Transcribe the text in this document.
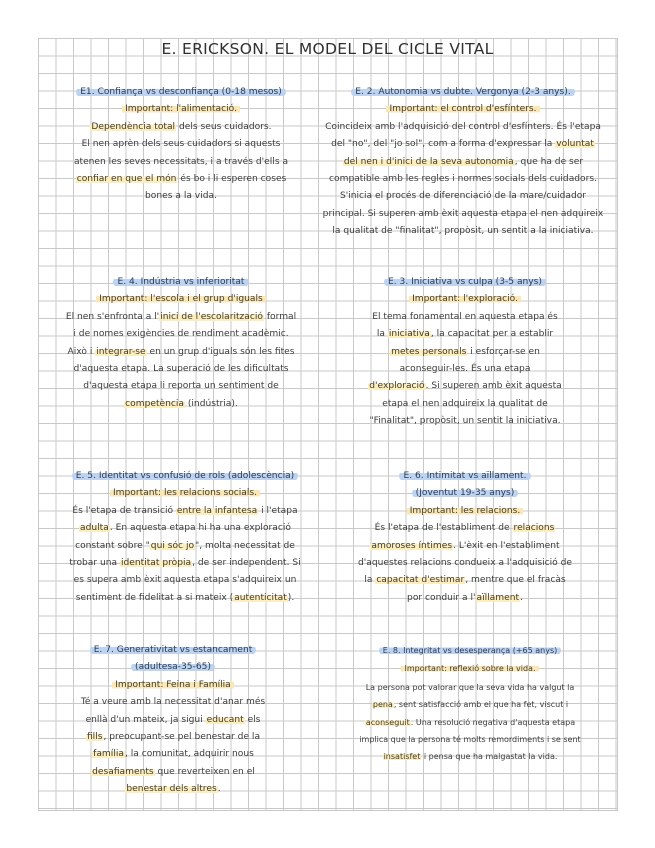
E. ERICKSON. EL MODEL DEL CICLE VITAL

E1. Confiança vs desconfiança (0-18 mesos)

Important: l'alimentació.

Dependència total dels seus cuidadors.

El nen aprèn dels seus cuidadors si aquests

atenen les seves necessitats, i a través d'ells a

confiar en que el món és bo i li esperen coses

bones a la vida.

E. 2. Autonomia vs dubte. Vergonya (2-3 anys).

Important: el control d'esfínters.

Coincideix amb l'adquisició del control d'esfínters. És l'etapa

del "no", del "jo sol", com a forma d'expressar la voluntat

del nen i d'inici de la seva autonomia, que ha de ser

compatible amb les regles i normes socials dels cuidadors.

S'inicia el procés de diferenciació de la mare/cuidador

principal. Si superen amb èxit aquesta etapa el nen adquireix

la qualitat de "finalitat", propòsit, un sentit a la iniciativa.

E. 4. Indústria vs inferioritat

Important: l'escola i el grup d'iguals

El nen s'enfronta a l'inici de l'escolarització formal

i de nomes exigències de rendiment acadèmic.

Això i integrar-se en un grup d'iguals són les fites

d'aquesta etapa. La superació de les dificultats

d'aquesta etapa li reporta un sentiment de

competència (indústria).

E. 3. Iniciativa vs culpa (3-5 anys)

Important: l'exploració.

El tema fonamental en aquesta etapa és

la iniciativa, la capacitat per a establir

metes personals i esforçar-se en

aconseguir-les. És una etapa

d'exploració. Si superen amb èxit aquesta

etapa el nen adquireix la qualitat de

"Finalitat", propòsit, un sentit la iniciativa.

E. 5. Identitat vs confusió de rols (adolescència)

Important: les relacions socials.

És l'etapa de transició entre la infantesa i l'etapa

adulta. En aquesta etapa hi ha una exploració

constant sobre "qui sóc jo", molta necessitat de

trobar una identitat pròpia, de ser independent. Si

es supera amb èxit aquesta etapa s'adquireix un

sentiment de fidelitat a si mateix (autenticitat).

E. 6. Intimitat vs aïllament.

(Joventut 19-35 anys)

Important: les relacions.

És l'etapa de l'establiment de relacions

amoroses íntimes. L'èxit en l'establiment

d'aquestes relacions condueix a l'adquisició de

la capacitat d'estimar, mentre que el fracàs

por conduir a l'aïllament.

E. 7. Generativitat vs estancament

(adultesa-35-65)

Important: Feina i Família

Té a veure amb la necessitat d'anar més

enllà d'un mateix, ja sigui educant els

fills, preocupant-se pel benestar de la

família, la comunitat, adquirir nous

desafiaments que reverteixen en el

benestar dels altres.

E. 8. Integritat vs desesperança (+65 anys)

Important: reflexió sobre la vida.

La persona pot valorar que la seva vida ha valgut la

pena, sent satisfacció amb el que ha fet, viscut i

aconseguit. Una resolució negativa d'aquesta etapa

implica que la persona té molts remordiments i se sent

insatisfet i pensa que ha malgastat la vida.
